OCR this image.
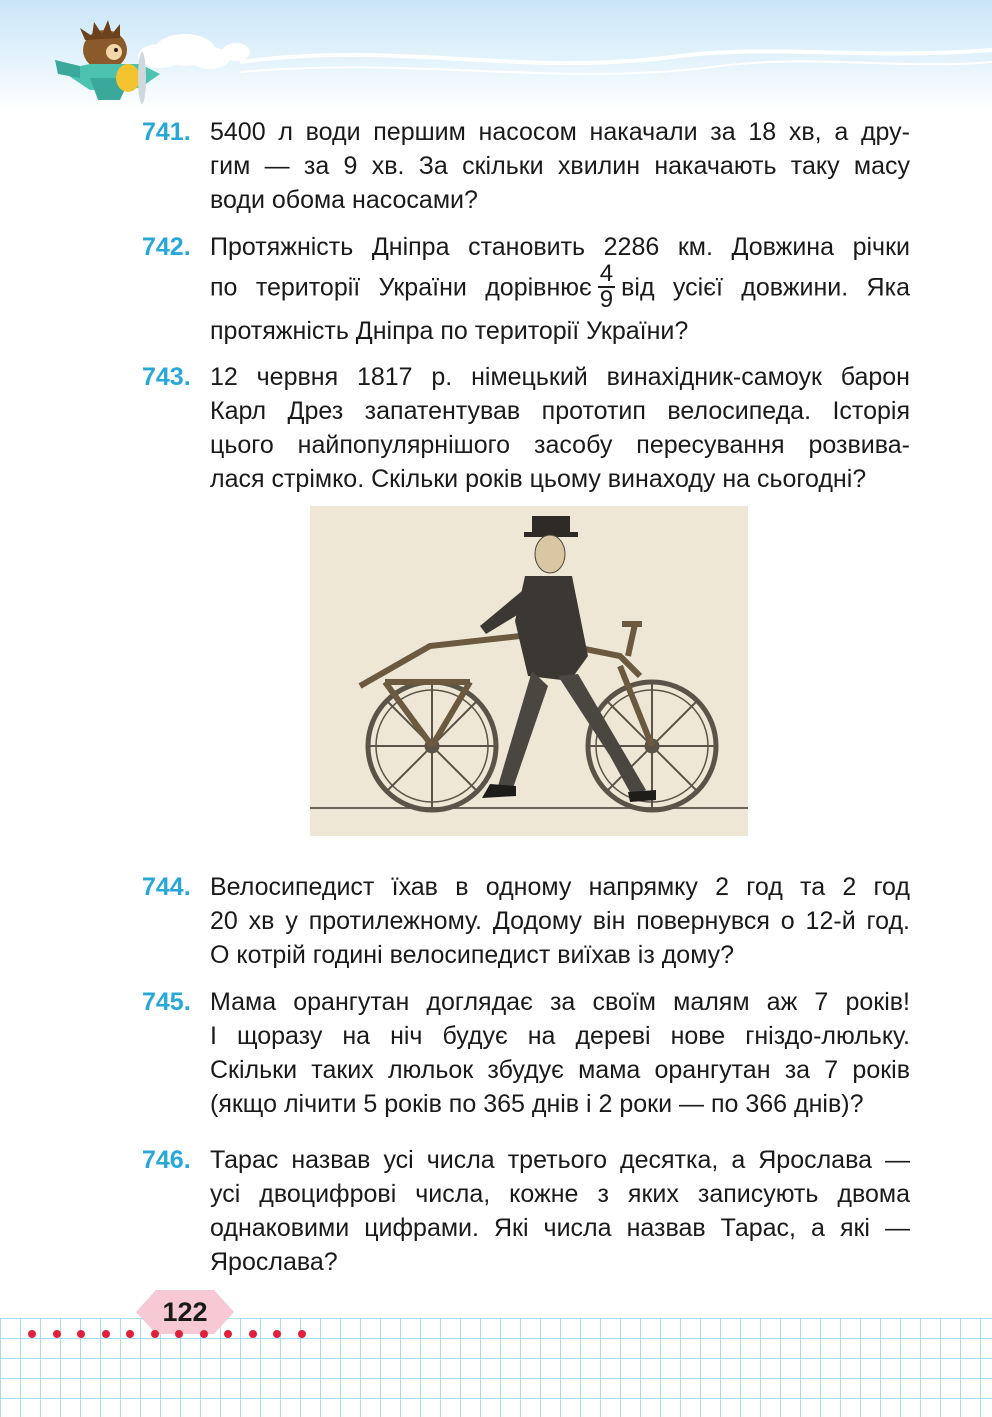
741. 5400 л води першим насосом накачали за 18 хв, а дру-
гим — за 9 хв. За скільки хвилин накачають таку масу
води обома насосами?
742. Протяжність Дніпра становить 2286 км. Довжина річки
по території України дорівнює $\frac{4}{9}$ від усієї довжини. Яка
протяжність Дніпра по території України?
743. 12 червня 1817 р. німецький винахідник-самоук барон
Карл Дрез запатентував прототип велосипеда. Історія
цього найпопулярнішого засобу пересування розвива-
лася стрімко. Скільки років цьому винаходу на сьогодні?
744. Велосипедист їхав в одному напрямку 2 год та 2 год
20 хв у протилежному. Додому він повернувся о 12-й год.
О котрій годині велосипедист виїхав із дому?
745. Мама орангутан доглядає за своїм малям аж 7 років!
І щоразу на ніч будує на дереві нове гніздо-люльку.
Скільки таких люльок збудує мама орангутан за 7 років
(якщо лічити 5 років по 365 днів і 2 роки — по 366 днів)?
746. Тарас назвав усі числа третього десятка, а Ярослава —
усі двоцифрові числа, кожне з яких записують двома
однаковими цифрами. Які числа назвав Тарас, а які —
Ярослава?
122
